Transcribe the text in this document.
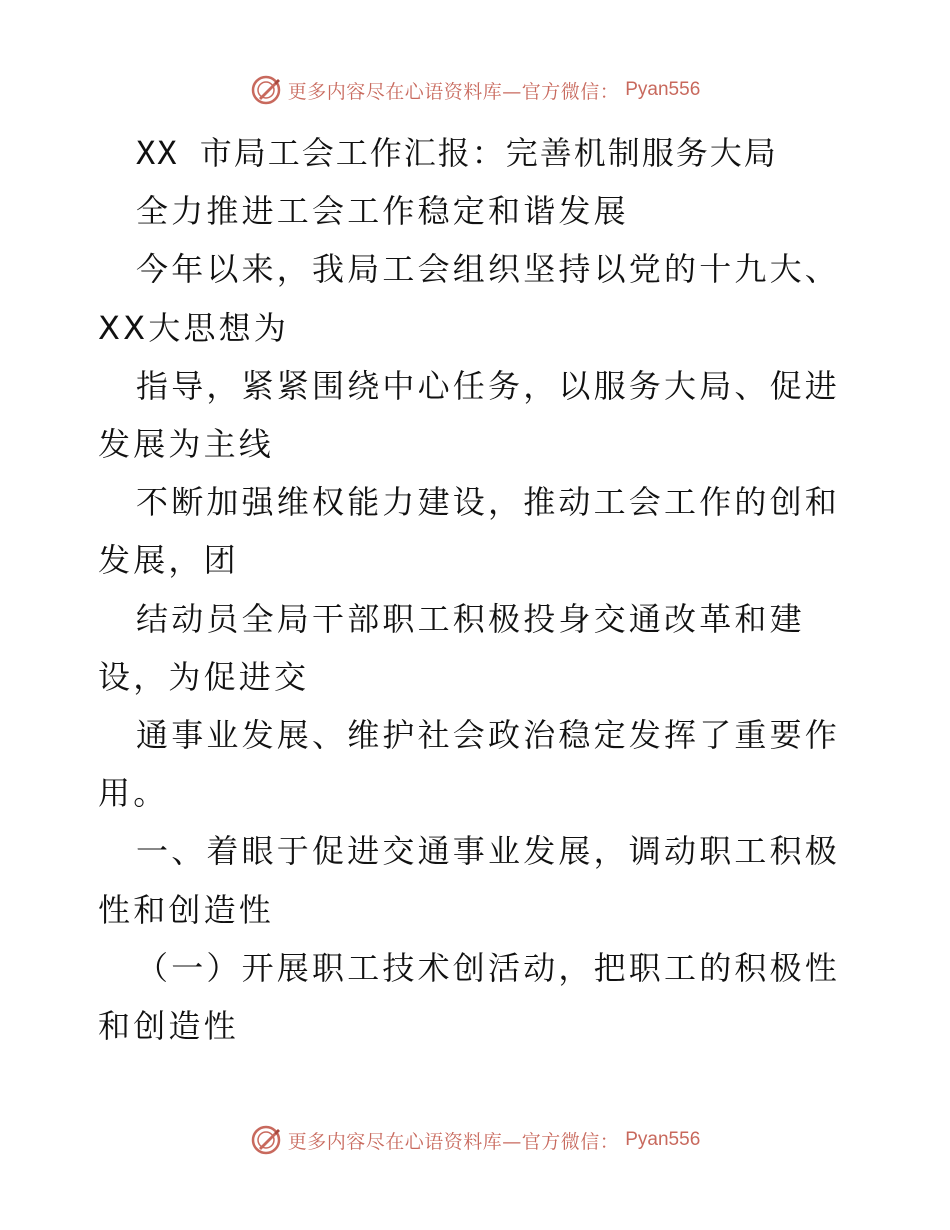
更多内容尽在心语资料库—官方微信： Pyan556

XX 市局工会工作汇报：完善机制服务大局

全力推进工会工作稳定和谐发展

今年以来，我局工会组织坚持以党的十九大、XX大思想为

指导，紧紧围绕中心任务，以服务大局、促进发展为主线

不断加强维权能力建设，推动工会工作的创和发展，团

结动员全局干部职工积极投身交通改革和建设，为促进交

通事业发展、维护社会政治稳定发挥了重要作用。

一、着眼于促进交通事业发展，调动职工积极性和创造性

（一）开展职工技术创活动，把职工的积极性和创造性

更多内容尽在心语资料库—官方微信： Pyan556
